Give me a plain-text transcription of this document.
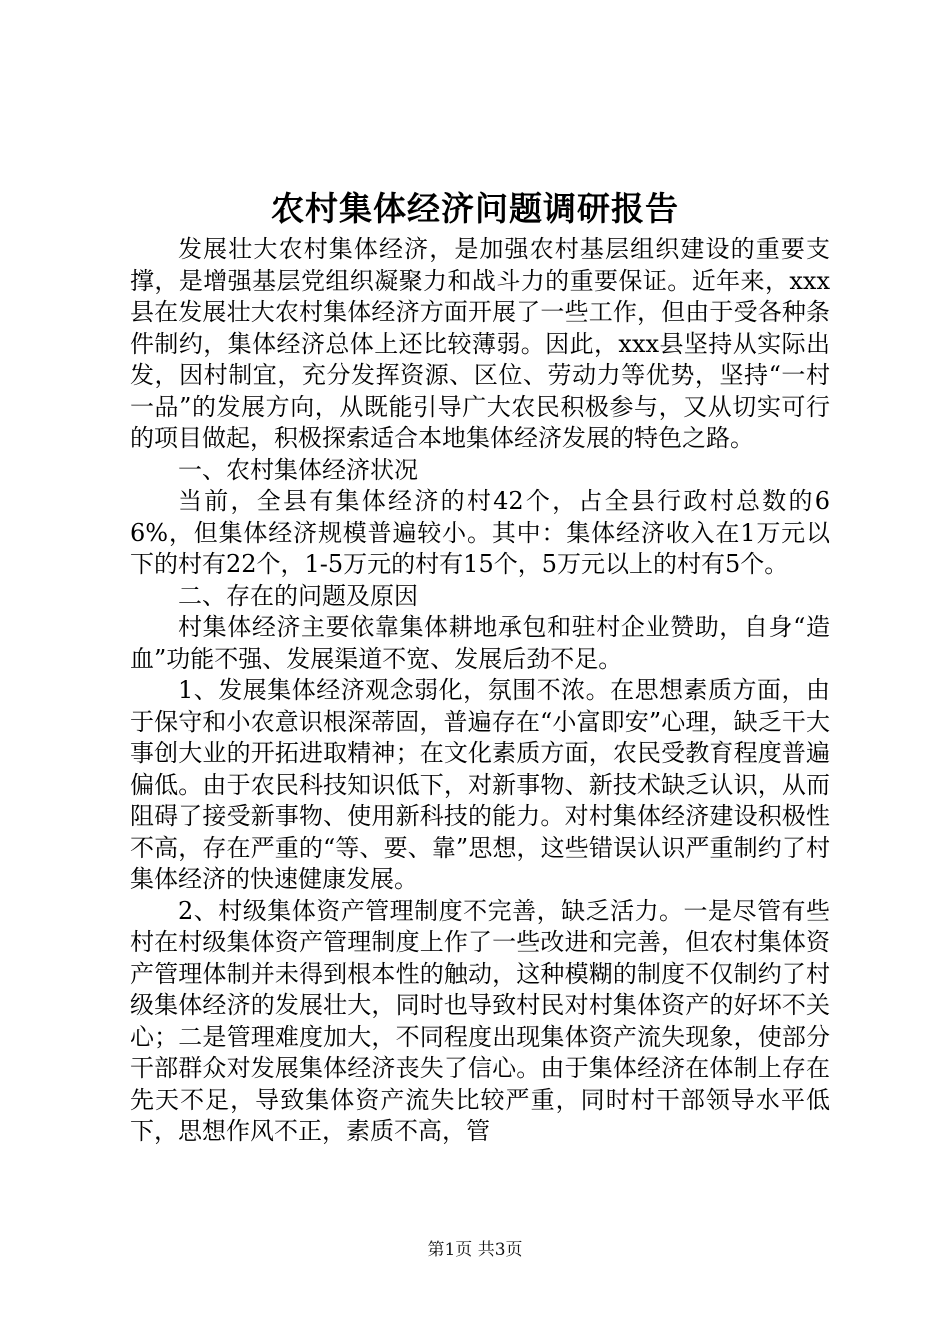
农村集体经济问题调研报告

发展壮大农村集体经济，是加强农村基层组织建设的重要支撑，是增强基层党组织凝聚力和战斗力的重要保证。近年来，xxx县在发展壮大农村集体经济方面开展了一些工作，但由于受各种条件制约，集体经济总体上还比较薄弱。因此，xxx县坚持从实际出发，因村制宜，充分发挥资源、区位、劳动力等优势，坚持“一村一品”的发展方向，从既能引导广大农民积极参与，又从切实可行的项目做起，积极探索适合本地集体经济发展的特色之路。

一、农村集体经济状况

当前，全县有集体经济的村42个，占全县行政村总数的66%，但集体经济规模普遍较小。其中：集体经济收入在1万元以下的村有22个，1-5万元的村有15个，5万元以上的村有5个。

二、存在的问题及原因

村集体经济主要依靠集体耕地承包和驻村企业赞助，自身“造血”功能不强、发展渠道不宽、发展后劲不足。

1、发展集体经济观念弱化，氛围不浓。在思想素质方面，由于保守和小农意识根深蒂固，普遍存在“小富即安”心理，缺乏干大事创大业的开拓进取精神；在文化素质方面，农民受教育程度普遍偏低。由于农民科技知识低下，对新事物、新技术缺乏认识，从而阻碍了接受新事物、使用新科技的能力。对村集体经济建设积极性不高，存在严重的“等、要、靠”思想，这些错误认识严重制约了村集体经济的快速健康发展。

2、村级集体资产管理制度不完善，缺乏活力。一是尽管有些村在村级集体资产管理制度上作了一些改进和完善，但农村集体资产管理体制并未得到根本性的触动，这种模糊的制度不仅制约了村级集体经济的发展壮大，同时也导致村民对村集体资产的好坏不关心；二是管理难度加大，不同程度出现集体资产流失现象，使部分干部群众对发展集体经济丧失了信心。由于集体经济在体制上存在先天不足，导致集体资产流失比较严重，同时村干部领导水平低下，思想作风不正，素质不高，管

第1页 共3页
